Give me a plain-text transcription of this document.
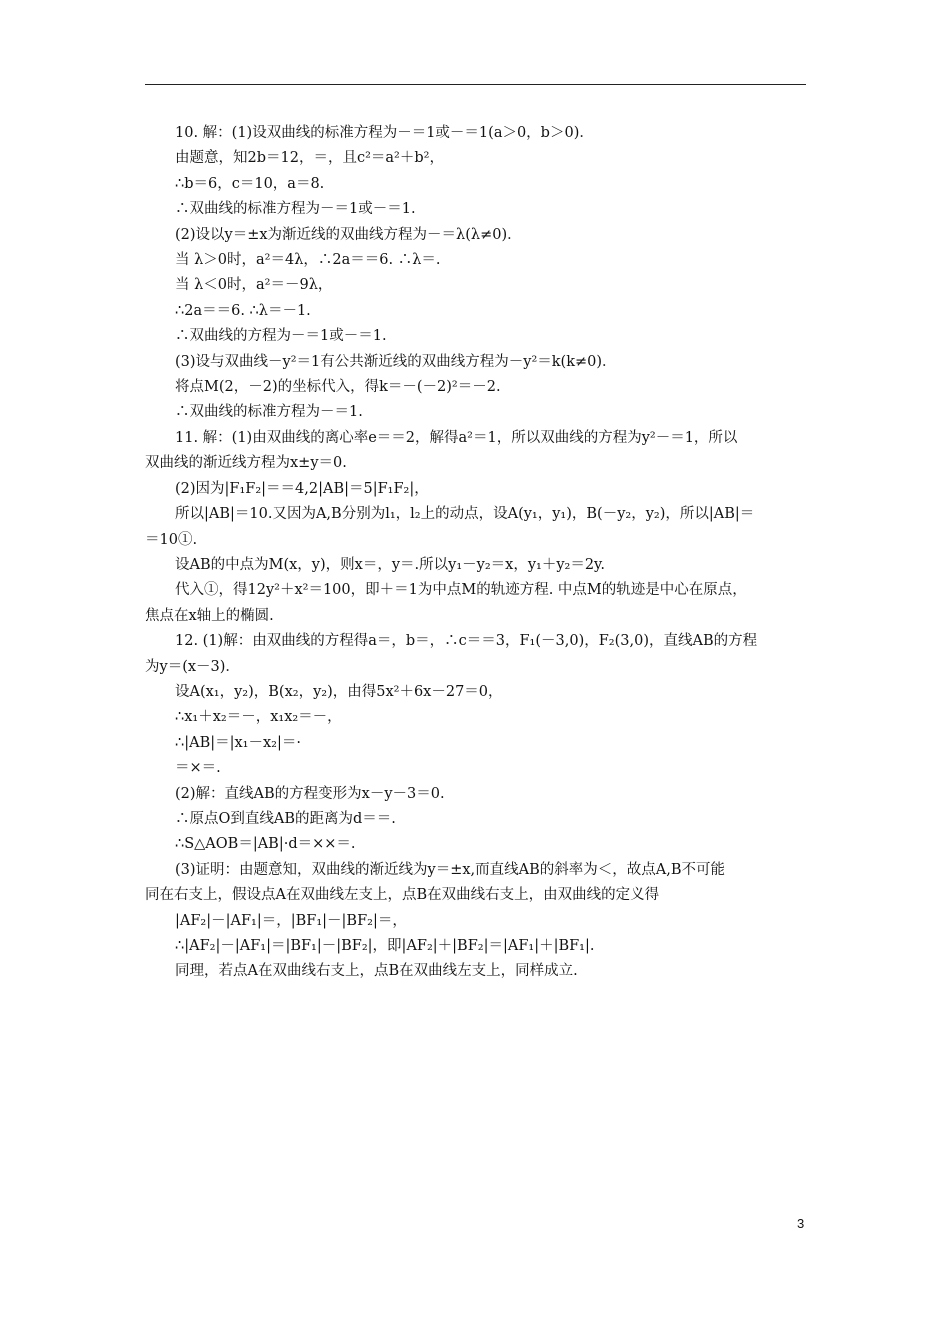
10. 解：(1)设双曲线的标准方程为－＝1或－＝1(a＞0，b＞0)．
由题意，知2b＝12，＝，且c²＝a²＋b²，
∴b＝6，c＝10，a＝8.
∴双曲线的标准方程为－＝1或－＝1.
(2)设以y＝±x为渐近线的双曲线方程为－＝λ(λ≠0)．
当 λ＞0时，a²＝4λ，∴2a＝＝6. ∴λ＝.
当 λ＜0时，a²＝－9λ，
∴2a＝＝6. ∴λ＝－1.
∴双曲线的方程为－＝1或－＝1.
(3)设与双曲线－y²＝1有公共渐近线的双曲线方程为－y²＝k(k≠0)．
将点M(2，－2)的坐标代入，得k＝－(－2)²＝－2.
∴双曲线的标准方程为－＝1.
11. 解：(1)由双曲线的离心率e＝＝2，解得a²＝1，所以双曲线的方程为y²－＝1，所以
双曲线的渐近线方程为x±y＝0.
(2)因为|F₁F₂|＝＝4,2|AB|＝5|F₁F₂|，
所以|AB|＝10.又因为A,B分别为l₁，l₂上的动点，设A(y₁，y₁)，B(－y₂，y₂)，所以|AB|＝
＝10①.
设AB的中点为M(x，y)，则x＝，y＝.所以y₁－y₂＝x，y₁＋y₂＝2y.
代入①，得12y²＋x²＝100，即＋＝1为中点M的轨迹方程. 中点M的轨迹是中心在原点，
焦点在x轴上的椭圆.
12. (1)解：由双曲线的方程得a＝，b＝，∴c＝＝3，F₁(－3,0)，F₂(3,0)，直线AB的方程
为y＝(x－3)．
设A(x₁，y₂)，B(x₂，y₂)，由得5x²＋6x－27＝0，
∴x₁＋x₂＝－，x₁x₂＝－，
∴|AB|＝|x₁－x₂|＝·
＝×＝.
(2)解：直线AB的方程变形为x－y－3＝0.
∴原点O到直线AB的距离为d＝＝.
∴S△AOB＝|AB|·d＝××＝.
(3)证明：由题意知，双曲线的渐近线为y＝±x,而直线AB的斜率为＜，故点A,B不可能
同在右支上，假设点A在双曲线左支上，点B在双曲线右支上，由双曲线的定义得
|AF₂|－|AF₁|＝，|BF₁|－|BF₂|＝，
∴|AF₂|－|AF₁|＝|BF₁|－|BF₂|，即|AF₂|＋|BF₂|＝|AF₁|＋|BF₁|.
同理，若点A在双曲线右支上，点B在双曲线左支上，同样成立.
3
